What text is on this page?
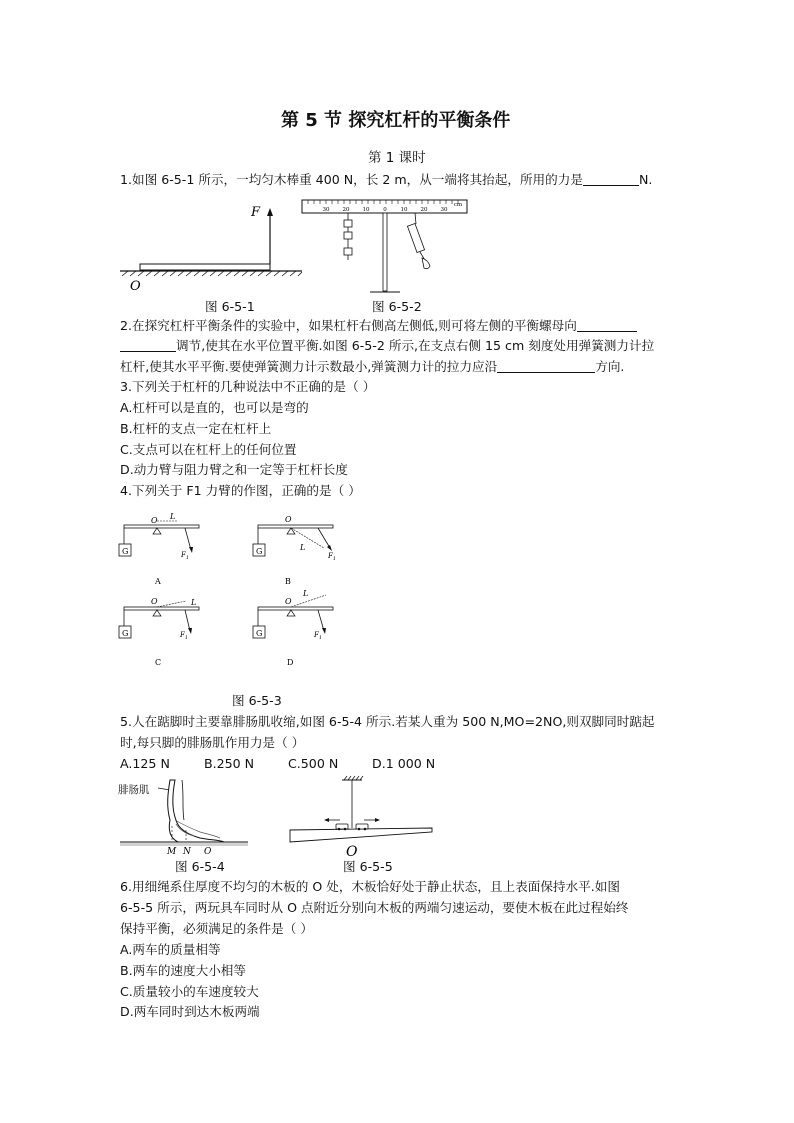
第 5 节 探究杠杆的平衡条件
第 1 课时
1.如图 6-5-1 所示，一均匀木棒重 400 N，长 2 m，从一端将其抬起，所用的力是	N.
F
O
图 6-5-1
30 20 10	0	10 20 30
cm
图 6-5-2
2.在探究杠杆平衡条件的实验中，如果杠杆右侧高左侧低,则可将左侧的平衡螺母向
调节,使其在水平位置平衡.如图 6-5-2 所示,在支点右侧 15 cm 刻度处用弹簧测力计拉
杠杆,使其水平平衡.要使弹簧测力计示数最小,弹簧测力计的拉力应沿	方向.
3.下列关于杠杆的几种说法中不正确的是（ ）
A.杠杆可以是直的，也可以是弯的
B.杠杆的支点一定在杠杆上
C.支点可以在杠杆上的任何位置
D.动力臂与阻力臂之和一定等于杠杆长度
4.下列关于 F1 力臂的作图，正确的是（ ）
G
O L
$F_1$
A
G
O
L
$F_1$
B
G
O	L
$F_1$
C
G
O
L
$F_1$
D
图 6-5-3
5.人在踮脚时主要靠腓肠肌收缩,如图 6-5-4 所示.若某人重为 500 N,MO=2NO,则双脚同时踮起
时,每只脚的腓肠肌作用力是（ ）
A.125 N	B.250 N	C.500 N	D.1 000 N
腓肠肌
M N O
图 6-5-4
O
图 6-5-5
6.用细绳系住厚度不均匀的木板的 O 处，木板恰好处于静止状态，且上表面保持水平.如图
6-5-5 所示，两玩具车同时从 O 点附近分别向木板的两端匀速运动，要使木板在此过程始终
保持平衡，必须满足的条件是（ ）
A.两车的质量相等
B.两车的速度大小相等
C.质量较小的车速度较大
D.两车同时到达木板两端
